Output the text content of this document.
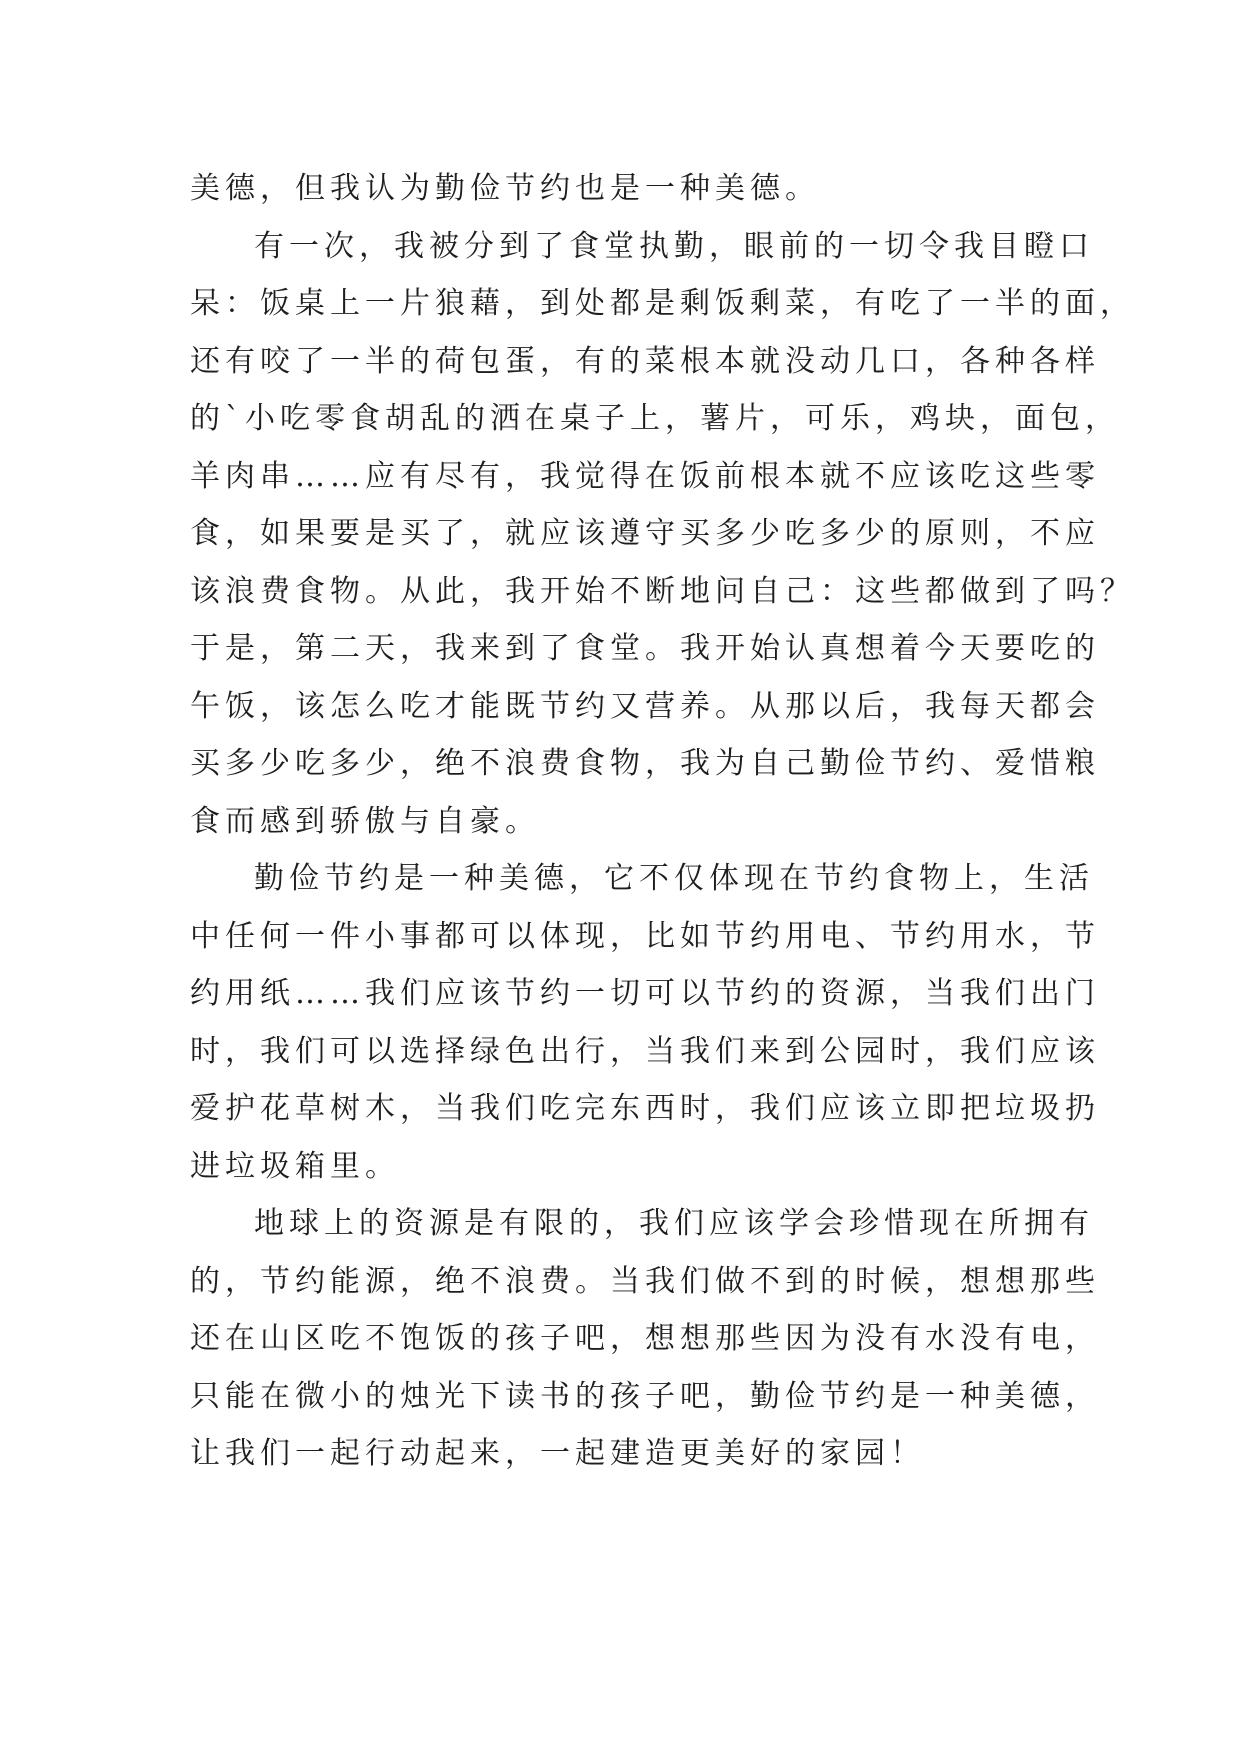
美德，但我认为勤俭节约也是一种美德。
有一次，我被分到了食堂执勤，眼前的一切令我目瞪口
呆：饭桌上一片狼藉，到处都是剩饭剩菜，有吃了一半的面，
还有咬了一半的荷包蛋，有的菜根本就没动几口，各种各样
的`小吃零食胡乱的洒在桌子上，薯片，可乐，鸡块，面包，
羊肉串……应有尽有，我觉得在饭前根本就不应该吃这些零
食，如果要是买了，就应该遵守买多少吃多少的原则，不应
该浪费食物。从此，我开始不断地问自己：这些都做到了吗？
于是，第二天，我来到了食堂。我开始认真想着今天要吃的
午饭，该怎么吃才能既节约又营养。从那以后，我每天都会
买多少吃多少，绝不浪费食物，我为自己勤俭节约、爱惜粮
食而感到骄傲与自豪。
勤俭节约是一种美德，它不仅体现在节约食物上，生活
中任何一件小事都可以体现，比如节约用电、节约用水，节
约用纸……我们应该节约一切可以节约的资源，当我们出门
时，我们可以选择绿色出行，当我们来到公园时，我们应该
爱护花草树木，当我们吃完东西时，我们应该立即把垃圾扔
进垃圾箱里。
地球上的资源是有限的，我们应该学会珍惜现在所拥有
的，节约能源，绝不浪费。当我们做不到的时候，想想那些
还在山区吃不饱饭的孩子吧，想想那些因为没有水没有电，
只能在微小的烛光下读书的孩子吧，勤俭节约是一种美德，
让我们一起行动起来，一起建造更美好的家园！
